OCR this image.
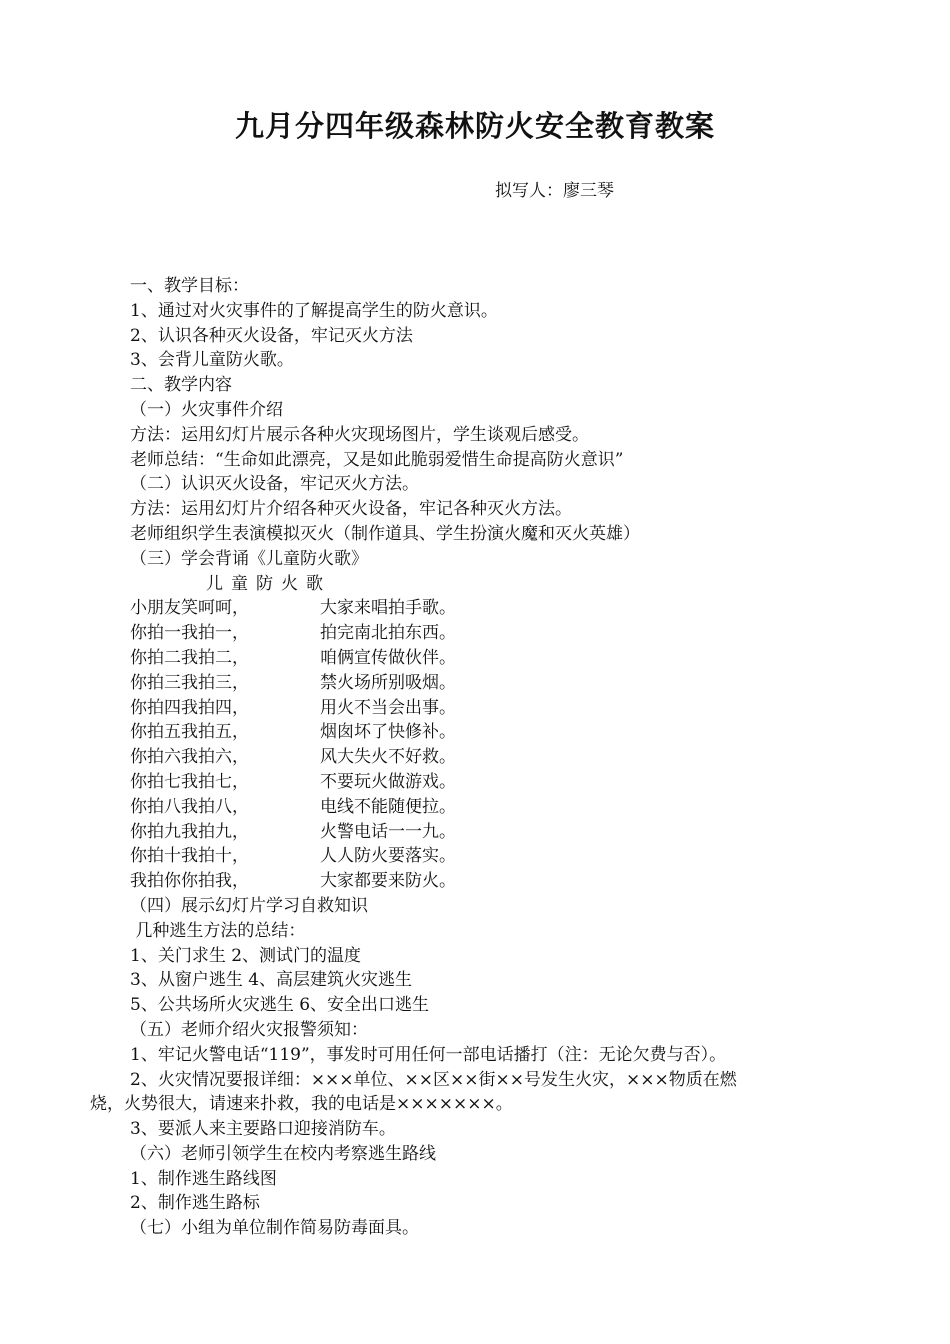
九月分四年级森林防火安全教育教案
拟写人：廖三琴
一、教学目标：
1、通过对火灾事件的了解提高学生的防火意识。
2、认识各种灭火设备，牢记灭火方法
3、会背儿童防火歌。
二、教学内容
（一）火灾事件介绍
方法：运用幻灯片展示各种火灾现场图片，学生谈观后感受。
老师总结：“生命如此漂亮，又是如此脆弱爱惜生命提高防火意识”
（二）认识灭火设备，牢记灭火方法。
方法：运用幻灯片介绍各种灭火设备，牢记各种灭火方法。
老师组织学生表演模拟灭火（制作道具、学生扮演火魔和灭火英雄）
（三）学会背诵《儿童防火歌》
儿童防火歌
小朋友笑呵呵，	大家来唱拍手歌。
你拍一我拍一，	拍完南北拍东西。
你拍二我拍二，	咱俩宣传做伙伴。
你拍三我拍三，	禁火场所别吸烟。
你拍四我拍四，	用火不当会出事。
你拍五我拍五，	烟囱坏了快修补。
你拍六我拍六，	风大失火不好救。
你拍七我拍七，	不要玩火做游戏。
你拍八我拍八，	电线不能随便拉。
你拍九我拍九，	火警电话一一九。
你拍十我拍十，	人人防火要落实。
我拍你你拍我，	大家都要来防火。
（四）展示幻灯片学习自救知识
几种逃生方法的总结：
1、关门求生 2、测试门的温度
3、从窗户逃生 4、高层建筑火灾逃生
5、公共场所火灾逃生 6、安全出口逃生
（五）老师介绍火灾报警须知：
1、牢记火警电话“119”，事发时可用任何一部电话播打（注：无论欠费与否）。
2、火灾情况要报详细：×××单位、××区××街××号发生火灾，×××物质在燃
烧，火势很大，请速来扑救，我的电话是×××××××。
3、要派人来主要路口迎接消防车。
（六）老师引领学生在校内考察逃生路线
1、制作逃生路线图
2、制作逃生路标
（七）小组为单位制作简易防毒面具。
